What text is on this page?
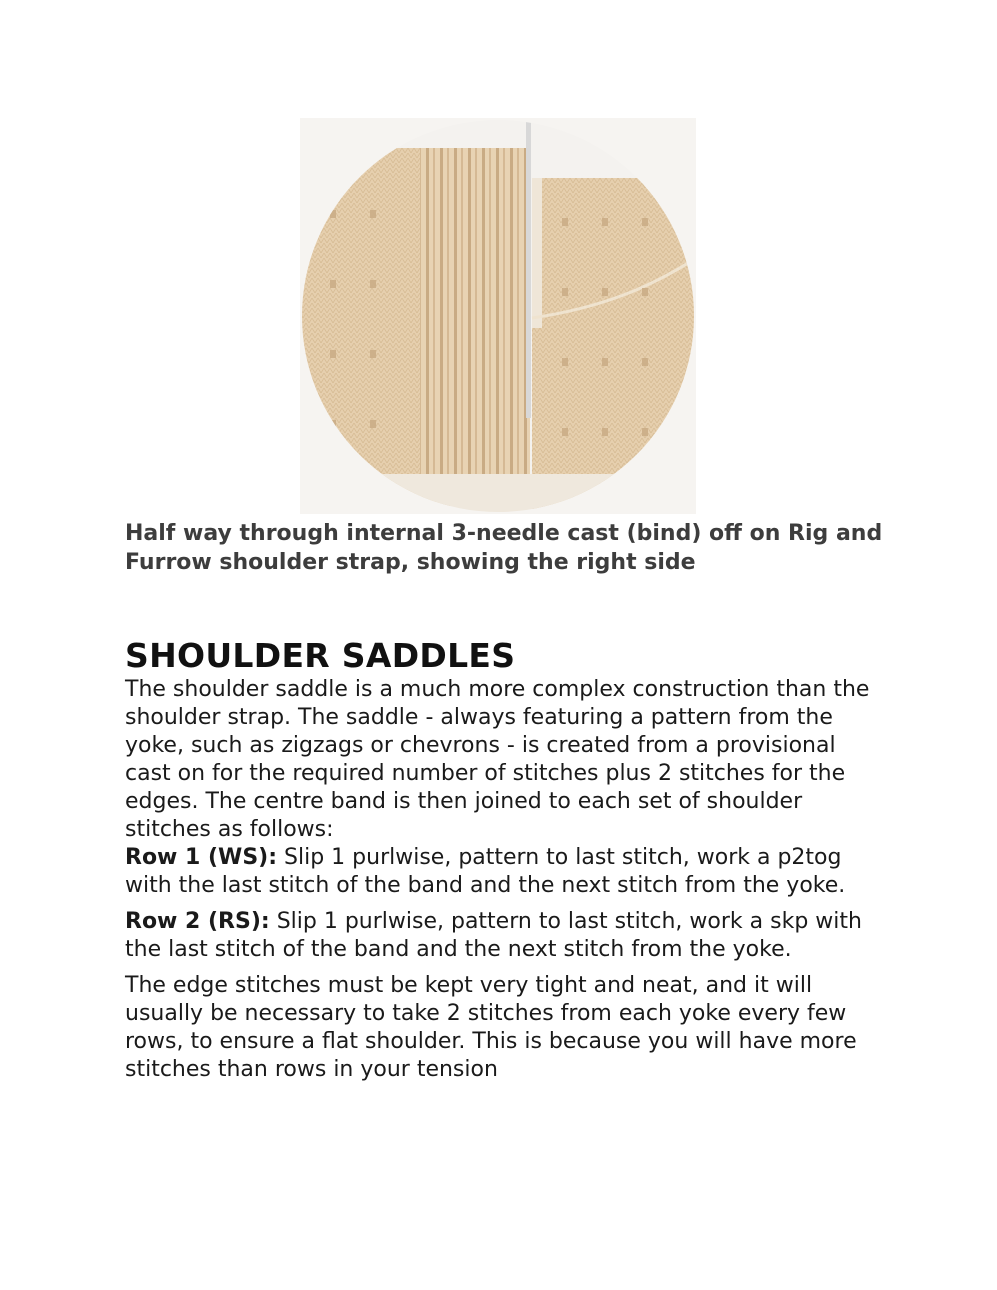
Half way through internal 3-needle cast (bind) off on Rig and Furrow shoulder strap, showing the right side

SHOULDER SADDLES

The shoulder saddle is a much more complex construction than the shoulder strap. The saddle - always featuring a pattern from the yoke, such as zigzags or chevrons - is created from a provisional cast on for the required number of stitches plus 2 stitches for the edges. The centre band is then joined to each set of shoulder stitches as follows:

Row 1 (WS): Slip 1 purlwise, pattern to last stitch, work a p2tog with the last stitch of the band and the next stitch from the yoke.

Row 2 (RS): Slip 1 purlwise, pattern to last stitch, work a skp with the last stitch of the band and the next stitch from the yoke.

The edge stitches must be kept very tight and neat, and it will usually be necessary to take 2 stitches from each yoke every few rows, to ensure a flat shoulder. This is because you will have more stitches than rows in your tension
